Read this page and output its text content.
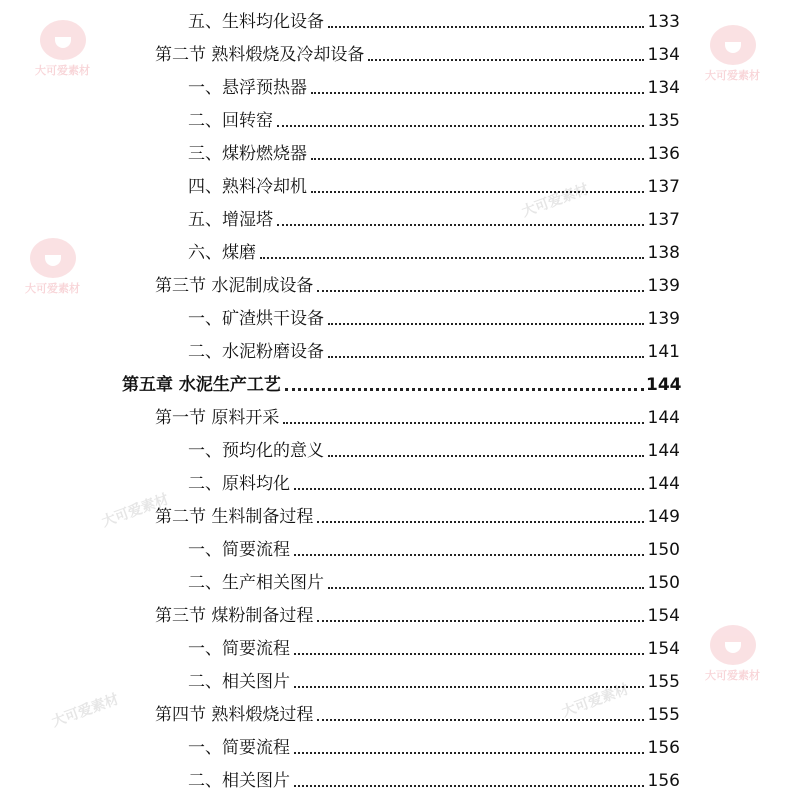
大可爱素材	大可爱素材
大可爱素材
大可爱素材
大可爱素材
大可爱素材
大可爱素材	大可爱素材
五、生料均化设备	133
第二节 熟料煅烧及冷却设备	134
一、悬浮预热器	134
二、回转窑	135
三、煤粉燃烧器	136
四、熟料冷却机	137
五、增湿塔	137
六、煤磨	138
第三节 水泥制成设备	139
一、矿渣烘干设备	139
二、水泥粉磨设备	141
第五章 水泥生产工艺	144
第一节 原料开采	144
一、预均化的意义	144
二、原料均化	144
第二节 生料制备过程	149
一、简要流程	150
二、生产相关图片	150
第三节 煤粉制备过程	154
一、简要流程	154
二、相关图片	155
第四节 熟料煅烧过程	155
一、简要流程	156
二、相关图片	156
